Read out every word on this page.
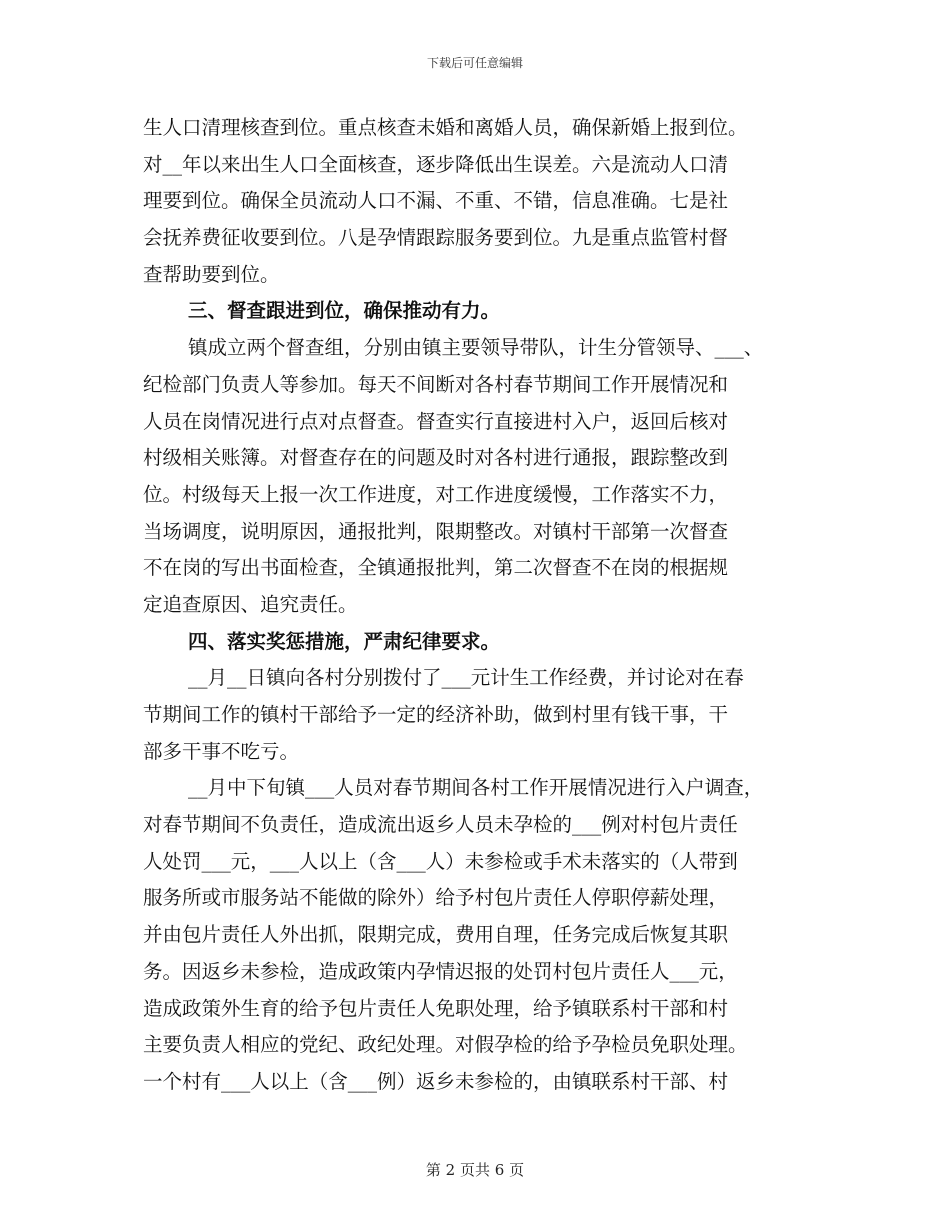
下载后可任意编辑
生人口清理核查到位。重点核查未婚和离婚人员，确保新婚上报到位。
对__年以来出生人口全面核查，逐步降低出生误差。六是流动人口清
理要到位。确保全员流动人口不漏、不重、不错，信息准确。七是社
会抚养费征收要到位。八是孕情跟踪服务要到位。九是重点监管村督
查帮助要到位。
三、督查跟进到位，确保推动有力。
镇成立两个督查组，分别由镇主要领导带队，计生分管领导、___、
纪检部门负责人等参加。每天不间断对各村春节期间工作开展情况和
人员在岗情况进行点对点督查。督查实行直接进村入户，返回后核对
村级相关账簿。对督查存在的问题及时对各村进行通报，跟踪整改到
位。村级每天上报一次工作进度，对工作进度缓慢，工作落实不力，
当场调度，说明原因，通报批判，限期整改。对镇村干部第一次督查
不在岗的写出书面检查，全镇通报批判，第二次督查不在岗的根据规
定追查原因、追究责任。
四、落实奖惩措施，严肃纪律要求。
__月__日镇向各村分别拨付了___元计生工作经费，并讨论对在春
节期间工作的镇村干部给予一定的经济补助，做到村里有钱干事，干
部多干事不吃亏。
__月中下旬镇___人员对春节期间各村工作开展情况进行入户调查，
对春节期间不负责任，造成流出返乡人员未孕检的___例对村包片责任
人处罚___元，___人以上（含___人）未参检或手术未落实的（人带到
服务所或市服务站不能做的除外）给予村包片责任人停职停薪处理，
并由包片责任人外出抓，限期完成，费用自理，任务完成后恢复其职
务。因返乡未参检，造成政策内孕情迟报的处罚村包片责任人___元，
造成政策外生育的给予包片责任人免职处理，给予镇联系村干部和村
主要负责人相应的党纪、政纪处理。对假孕检的给予孕检员免职处理。
一个村有___人以上（含___例）返乡未参检的，由镇联系村干部、村
第 2 页共 6 页
